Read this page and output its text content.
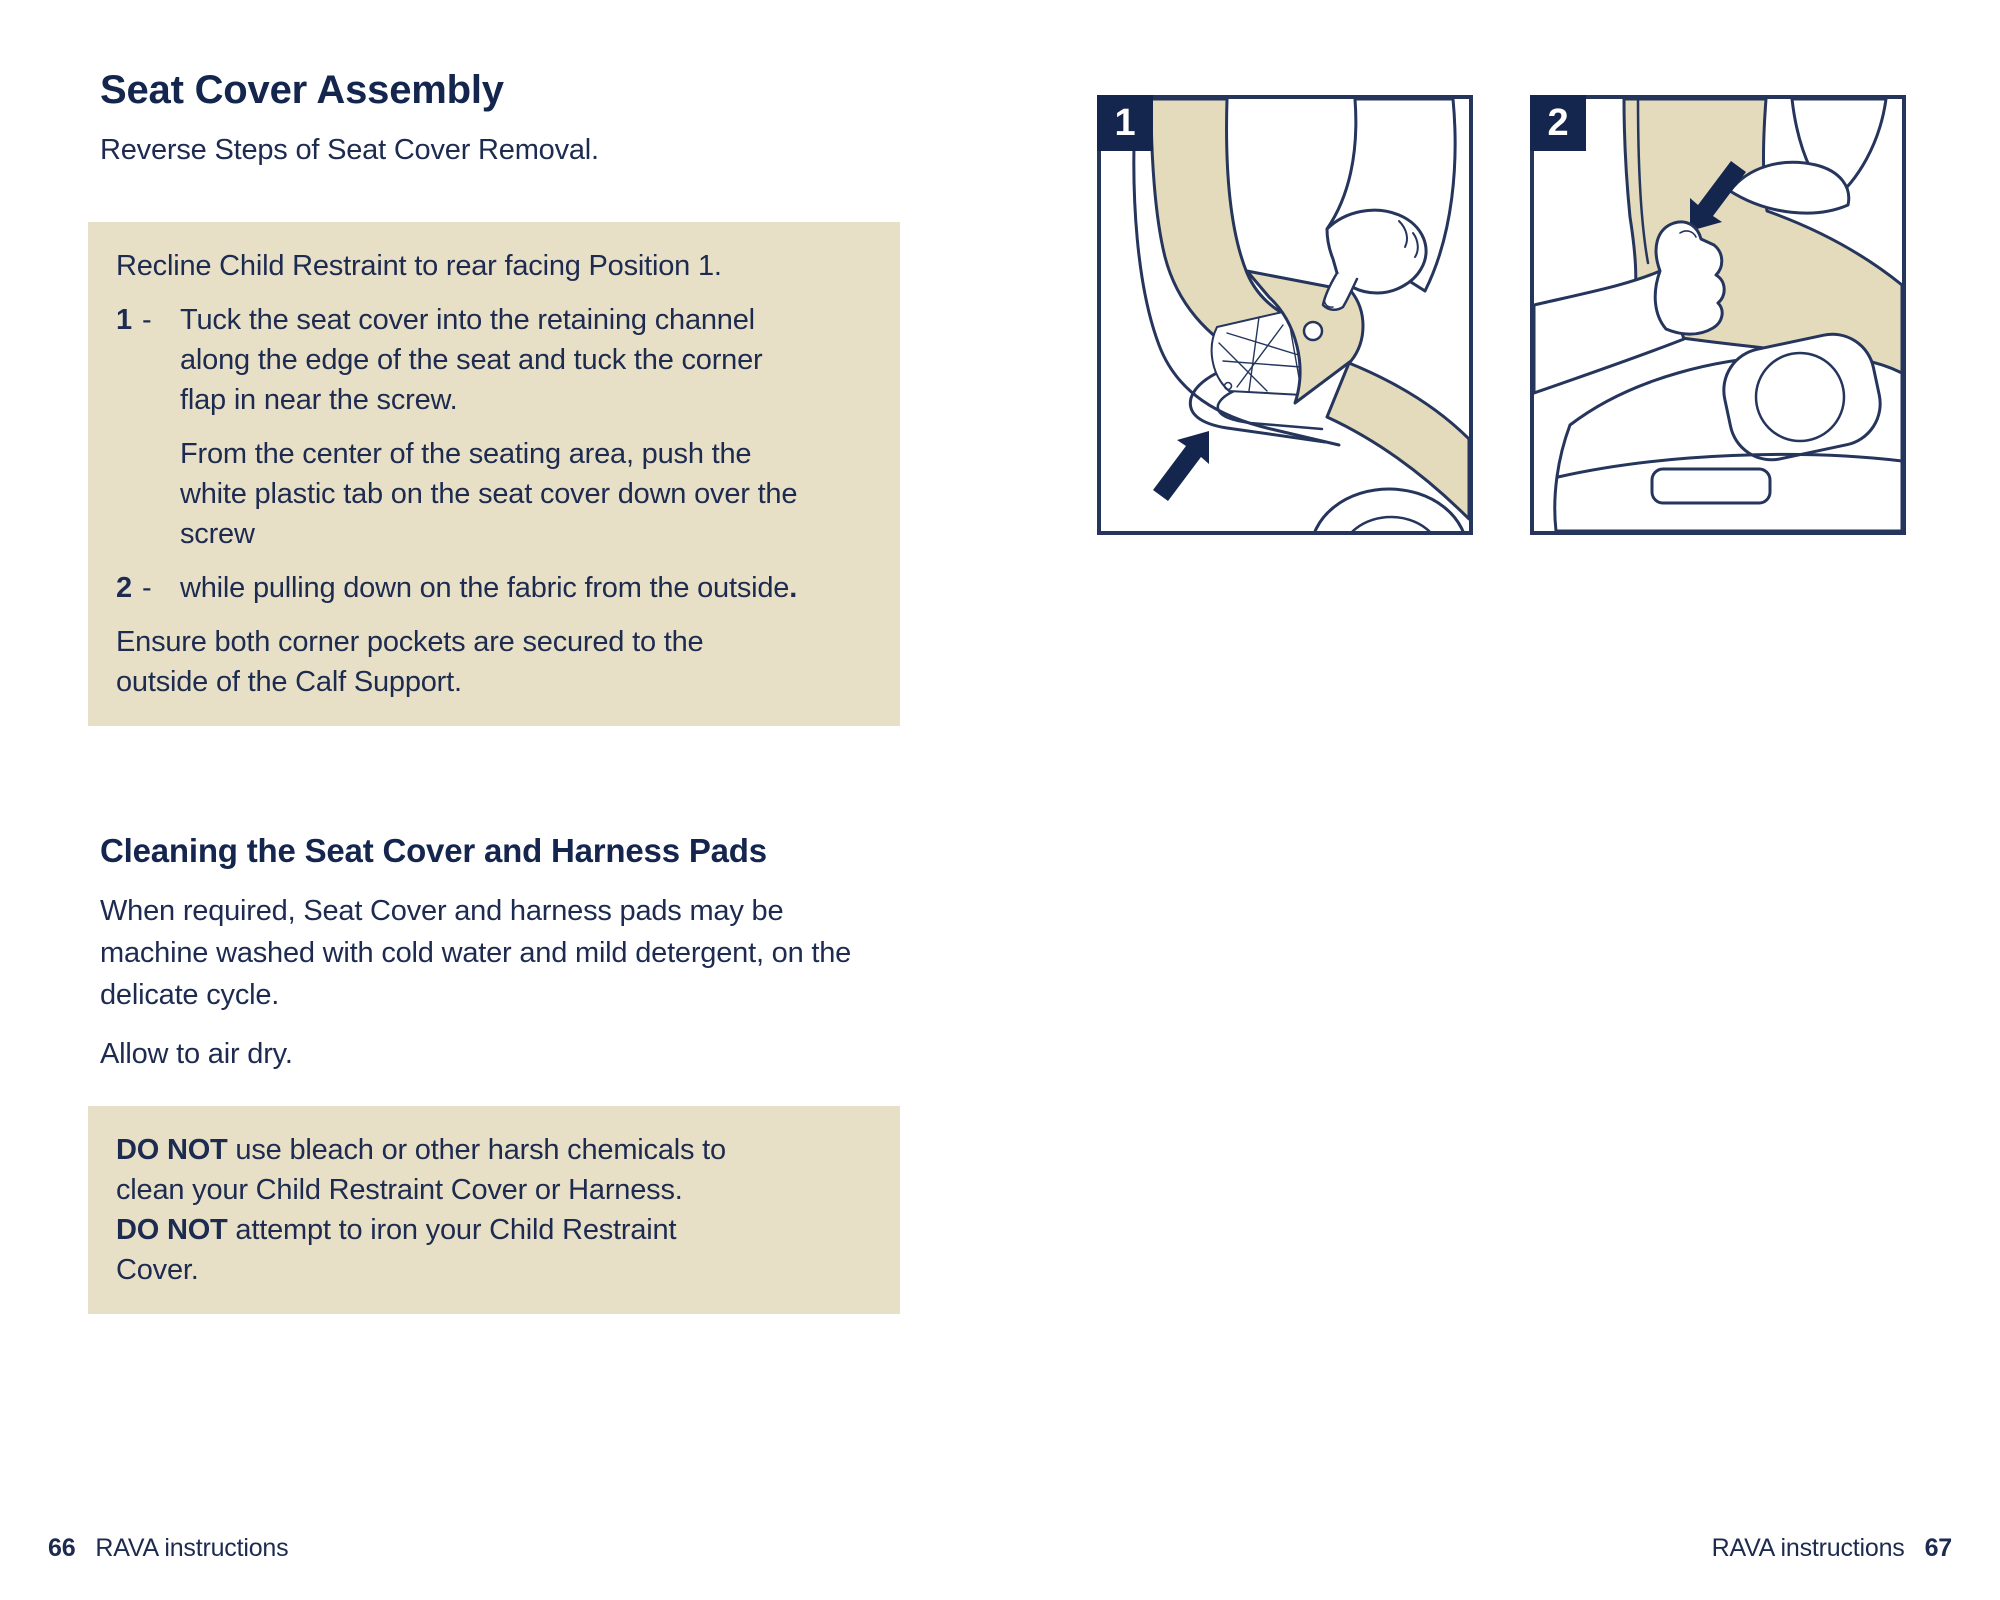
Seat Cover Assembly
Reverse Steps of Seat Cover Removal.

Recline Child Restraint to rear facing Position 1.

1 - Tuck the seat cover into the retaining channel along the edge of the seat and tuck the corner flap in near the screw.

From the center of the seating area, push the white plastic tab on the seat cover down over the screw

2 - while pulling down on the fabric from the outside.

Ensure both corner pockets are secured to the outside of the Calf Support.

Cleaning the Seat Cover and Harness Pads
When required, Seat Cover and harness pads may be machine washed with cold water and mild detergent, on the delicate cycle.
Allow to air dry.

DO NOT use bleach or other harsh chemicals to clean your Child Restraint Cover or Harness. DO NOT attempt to iron your Child Restraint Cover.

1	2
66 RAVA instructions	RAVA instructions 67
